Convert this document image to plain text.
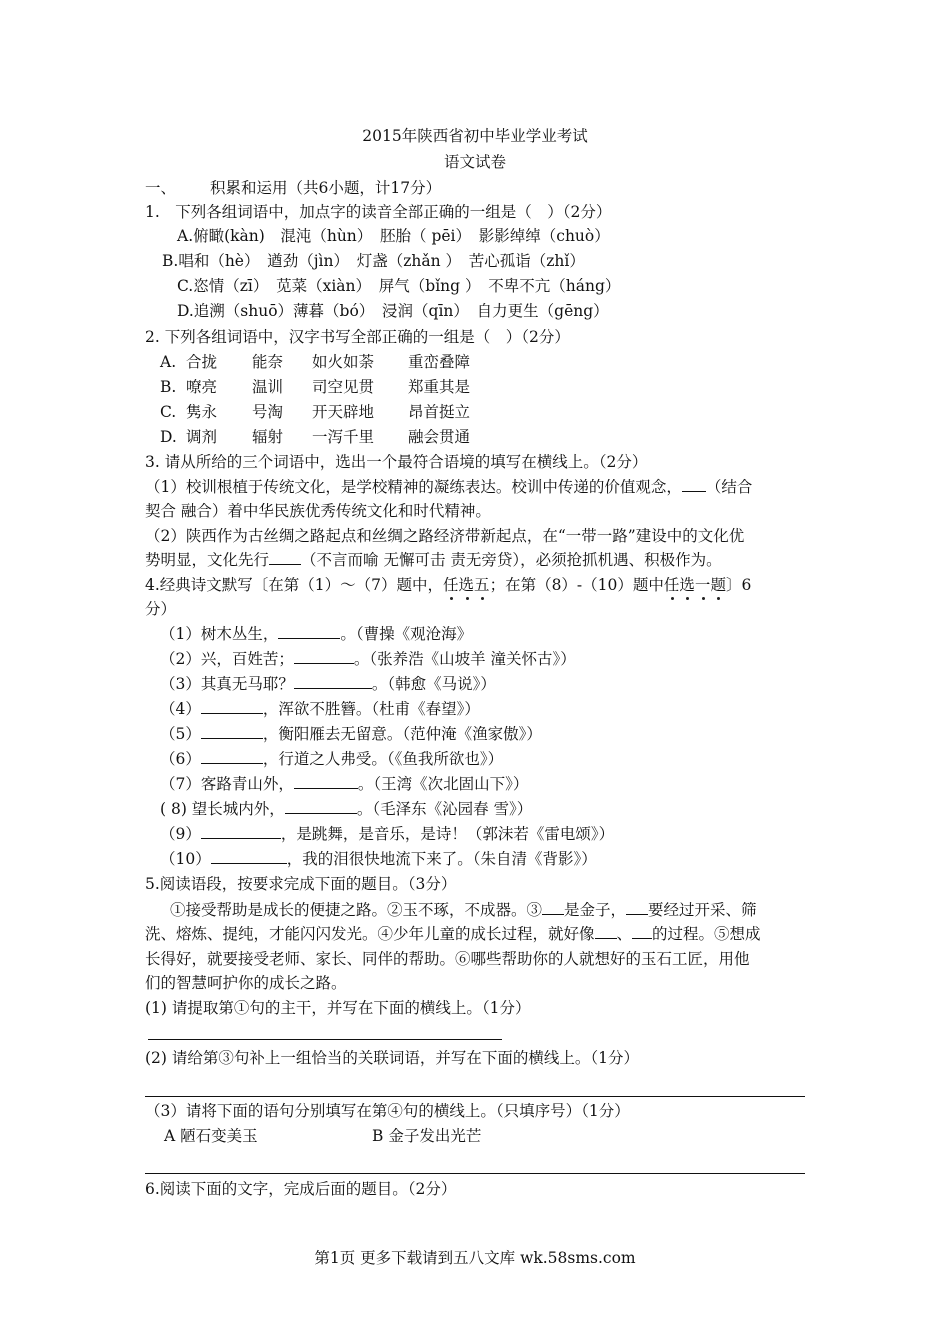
2015年陕西省初中毕业学业考试
语文试卷
一、 积累和运用（共6小题，计17分）
1.　下列各组词语中，加点字的读音全部正确的一组是（　）（2分）
A.俯瞰(kàn)　混沌（hùn）　胚胎（ pēi）　影影绰绰（chuò）
B.唱和（hè）　遒劲（jìn）　灯盏（zhǎn ）　苦心孤诣（zhǐ）
C.恣情（zī）　苋菜（xiàn）　屏气（bǐng ）　不卑不亢（háng）
D.追溯（shuō）薄暮（bó）　浸润（qīn）　自力更生（gēng）
2. 下列各组词语中，汉字书写全部正确的一组是（　）（2分）
A. 合拢 能奈 如火如荼 重峦叠障
B. 嘹亮 温训 司空见贯 郑重其是
C. 隽永 号淘 开天辟地 昂首挺立
D. 调剂 辐射 一泻千里 融会贯通
3. 请从所给的三个词语中，选出一个最符合语境的填写在横线上。（2分）
（1）校训根植于传统文化，是学校精神的凝练表达。校训中传递的价值观念， （结合
契合 融合）着中华民族优秀传统文化和时代精神。
（2）陕西作为古丝绸之路起点和丝绸之路经济带新起点，在“一带一路”建设中的文化优
势明显，文化先行 （不言而喻 无懈可击 责无旁贷），必须抢抓机遇、积极作为。
4.经典诗文默写〔在第（1）～（7）题中，任选五；在第（8）-（10）题中任选一题〕6
分）
（1）树木丛生，	。（曹操《观沧海》
（2）兴，百姓苦；	。（张养浩《山坡羊 潼关怀古》）
（3）其真无马耶？	。（韩愈《马说》）
（4）	，浑欲不胜簪。（杜甫《春望》）
（5）	，衡阳雁去无留意。（范仲淹《渔家傲》）
（6）	，行道之人弗受。（《鱼我所欲也》）
（7）客路青山外，	。（王湾《次北固山下》）
( 8) 望长城内外，	。（毛泽东《沁园春 雪》）
（9）	，是跳舞，是音乐，是诗！（郭沫若《雷电颂》）
（10）	，我的泪很快地流下来了。（朱自清《背影》）
5.阅读语段，按要求完成下面的题目。（3分）
①接受帮助是成长的便捷之路。②玉不琢，不成器。③ 是金子， 要经过开采、筛
洗、熔炼、提纯，才能闪闪发光。④少年儿童的成长过程，就好像 、 的过程。⑤想成
长得好，就要接受老师、家长、同伴的帮助。⑥哪些帮助你的人就想好的玉石工匠，用他
们的智慧呵护你的成长之路。
(1) 请提取第①句的主干，并写在下面的横线上。（1分）
(2) 请给第③句补上一组恰当的关联词语，并写在下面的横线上。（1分）
（3）请将下面的语句分别填写在第④句的横线上。（只填序号）（1分）
A 陋石变美玉	B 金子发出光芒
6.阅读下面的文字，完成后面的题目。（2分）
第1页 更多下载请到五八文库 wk.58sms.com
